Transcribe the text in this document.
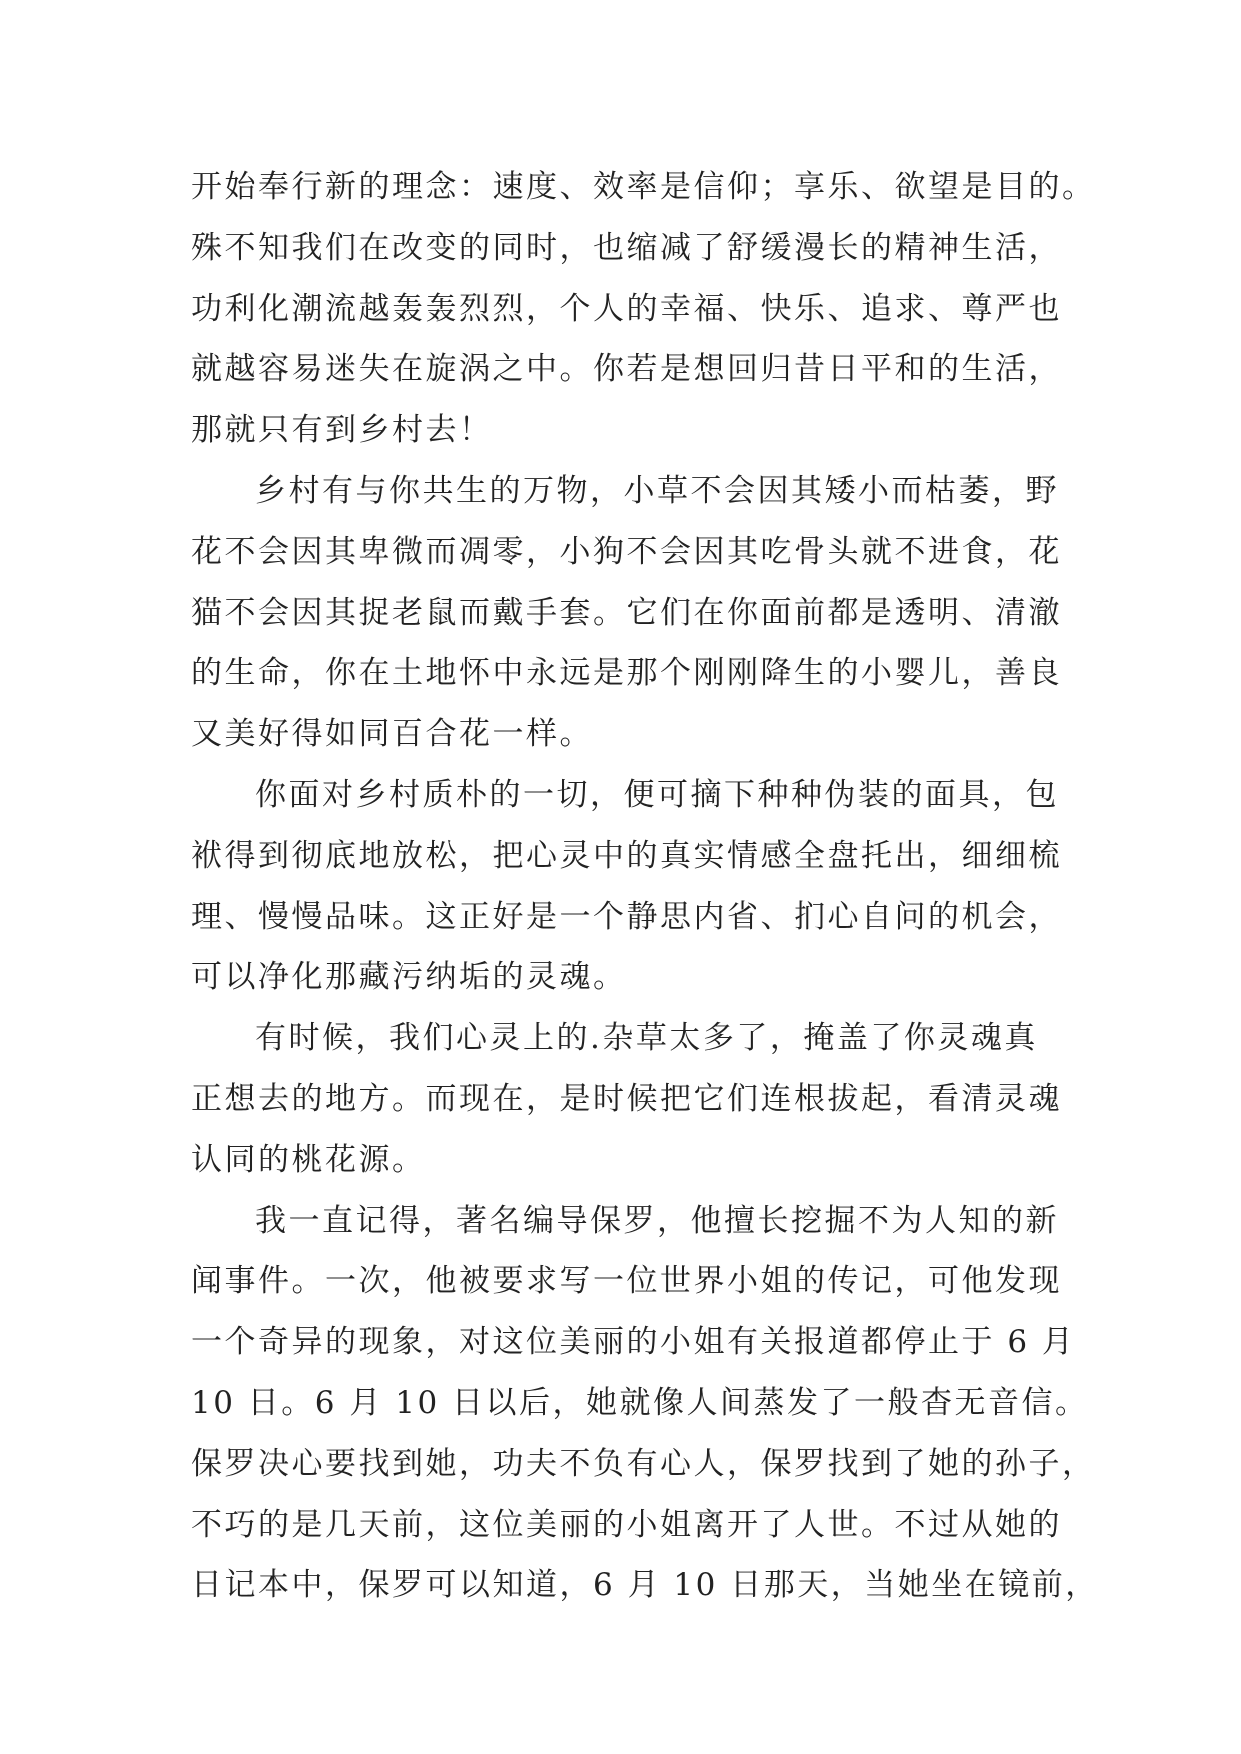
开始奉行新的理念：速度、效率是信仰；享乐、欲望是目的。
殊不知我们在改变的同时，也缩减了舒缓漫长的精神生活，
功利化潮流越轰轰烈烈，个人的幸福、快乐、追求、尊严也
就越容易迷失在旋涡之中。你若是想回归昔日平和的生活，
那就只有到乡村去！
乡村有与你共生的万物，小草不会因其矮小而枯萎，野
花不会因其卑微而凋零，小狗不会因其吃骨头就不进食，花
猫不会因其捉老鼠而戴手套。它们在你面前都是透明、清澈
的生命，你在土地怀中永远是那个刚刚降生的小婴儿，善良
又美好得如同百合花一样。
你面对乡村质朴的一切，便可摘下种种伪装的面具，包
袱得到彻底地放松，把心灵中的真实情感全盘托出，细细梳
理、慢慢品味。这正好是一个静思内省、扪心自问的机会，
可以净化那藏污纳垢的灵魂。
有时候，我们心灵上的.杂草太多了，掩盖了你灵魂真
正想去的地方。而现在，是时候把它们连根拔起，看清灵魂
认同的桃花源。
我一直记得，著名编导保罗，他擅长挖掘不为人知的新
闻事件。一次，他被要求写一位世界小姐的传记，可他发现
一个奇异的现象，对这位美丽的小姐有关报道都停止于 6 月
10 日。6 月 10 日以后，她就像人间蒸发了一般杳无音信。
保罗决心要找到她，功夫不负有心人，保罗找到了她的孙子，
不巧的是几天前，这位美丽的小姐离开了人世。不过从她的
日记本中，保罗可以知道，6 月 10 日那天，当她坐在镜前，
